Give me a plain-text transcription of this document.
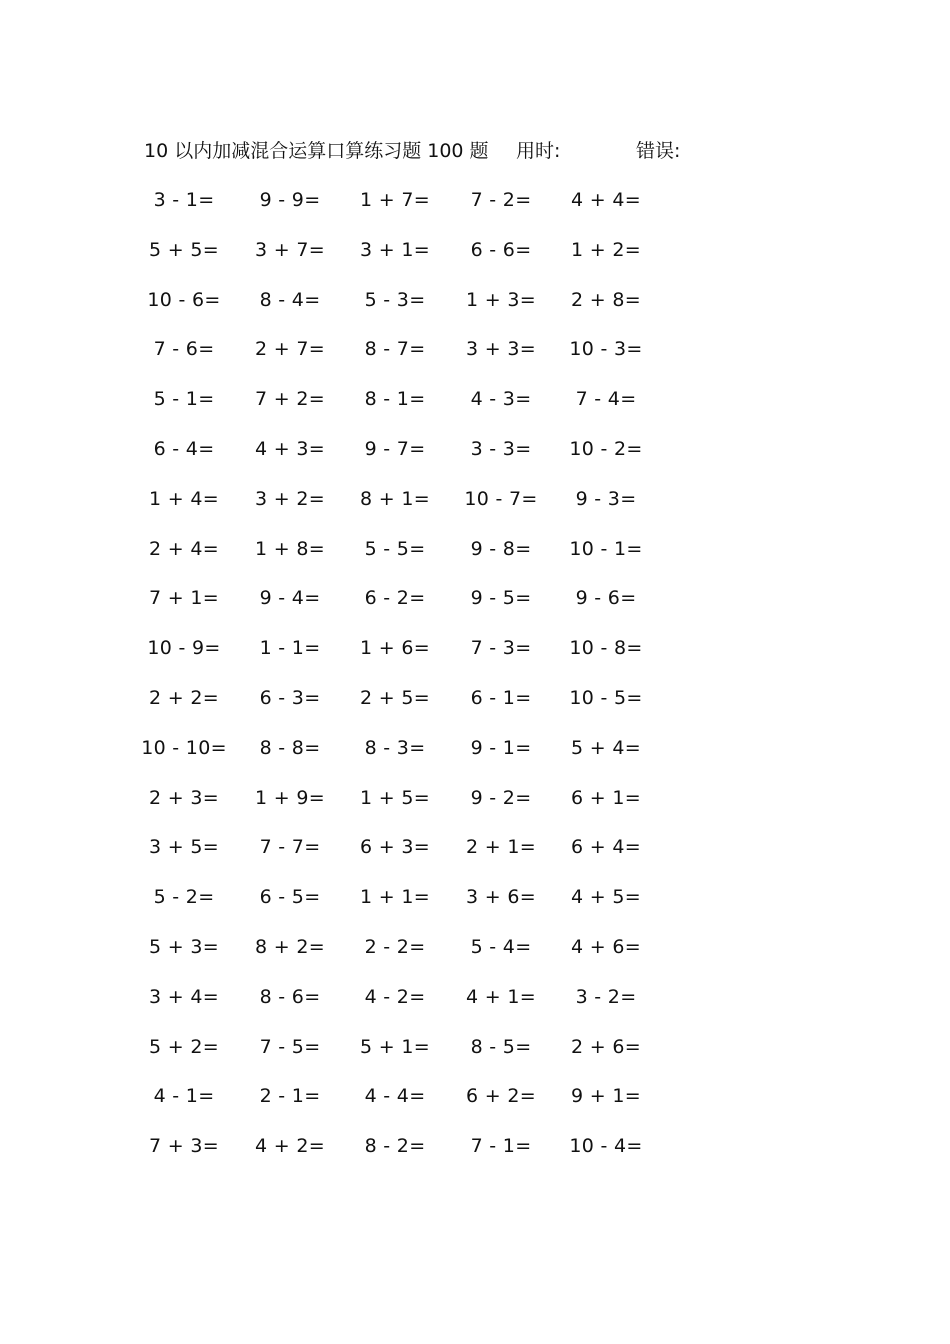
10 以内加减混合运算口算练习题 100 题 用时:	错误:
3 - 1=	9 - 9=	1 + 7=	7 - 2=	4 + 4=
5 + 5=	3 + 7=	3 + 1=	6 - 6=	1 + 2=
10 - 6=	8 - 4=	5 - 3=	1 + 3=	2 + 8=
7 - 6=	2 + 7=	8 - 7=	3 + 3=	10 - 3=
5 - 1=	7 + 2=	8 - 1=	4 - 3=	7 - 4=
6 - 4=	4 + 3=	9 - 7=	3 - 3=	10 - 2=
1 + 4=	3 + 2=	8 + 1=	10 - 7=	9 - 3=
2 + 4=	1 + 8=	5 - 5=	9 - 8=	10 - 1=
7 + 1=	9 - 4=	6 - 2=	9 - 5=	9 - 6=
10 - 9=	1 - 1=	1 + 6=	7 - 3=	10 - 8=
2 + 2=	6 - 3=	2 + 5=	6 - 1=	10 - 5=
10 - 10=	8 - 8=	8 - 3=	9 - 1=	5 + 4=
2 + 3=	1 + 9=	1 + 5=	9 - 2=	6 + 1=
3 + 5=	7 - 7=	6 + 3=	2 + 1=	6 + 4=
5 - 2=	6 - 5=	1 + 1=	3 + 6=	4 + 5=
5 + 3=	8 + 2=	2 - 2=	5 - 4=	4 + 6=
3 + 4=	8 - 6=	4 - 2=	4 + 1=	3 - 2=
5 + 2=	7 - 5=	5 + 1=	8 - 5=	2 + 6=
4 - 1=	2 - 1=	4 - 4=	6 + 2=	9 + 1=
7 + 3=	4 + 2=	8 - 2=	7 - 1=	10 - 4=
